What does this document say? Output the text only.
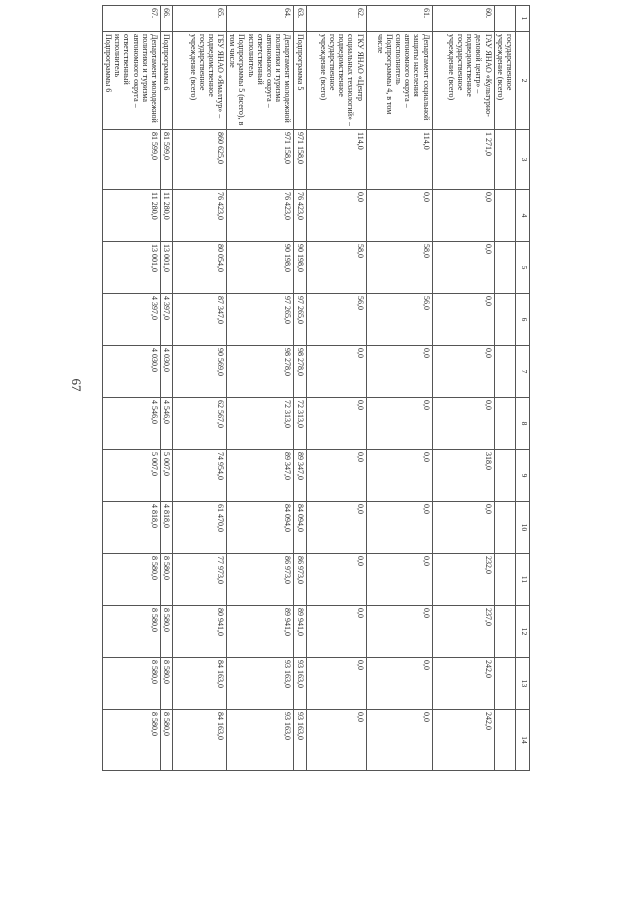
67
1	2	3	4	5	6	7	8	9	10	11	12	13	14
	государственное учреждение (всего)												
60.	ГАУ ЯНАО «Культурно-деловой центр» – подведомственное государственное учреждение (всего)	1 271,0	0,0	0,0	0,0	0,0	0,0	318,0	0,0	232,0	237,0	242,0	242,0
61.	Департамент социальной защиты населения автономного округа – соисполнитель Подпрограммы 4, в том числе	114,0	0,0	58,0	56,0	0,0	0,0	0,0	0,0	0,0	0,0	0,0	0,0
62.	ГКУ ЯНАО «Центр социальных технологий» – подведомственное государственное учреждение (всего)	114,0	0,0	58,0	56,0	0,0	0,0	0,0	0,0	0,0	0,0	0,0	0,0
63.	Подпрограмма 5	971 158,0	76 423,0	90 198,0	97 265,0	98 278,0	72 313,0	89 347,0	84 094,0	86 973,0	89 941,0	93 163,0	93 163,0
64.	Департамент молодежной политики и туризма автономного округа – ответственный исполнитель Подпрограммы 5 (всего), в том числе	971 158,0	76 423,0	90 198,0	97 265,0	98 278,0	72 313,0	89 347,0	84 094,0	86 973,0	89 941,0	93 163,0	93 163,0
65.	ГБУ ЯНАО «Ямалтур» – подведомственное государственное учреждение (всего)	860 625,0	76 423,0	80 054,0	87 347,0	90 569,0	62 567,0	74 954,0	61 470,0	77 973,0	80 941,0	84 163,0	84 163,0
66.	Подпрограмма 6	81 599,0	11 280,0	13 001,0	4 397,0	4 030,0	4 546,0	5 007,0	4 818,0	8 580,0	8 580,0	8 580,0	8 580,0
67.	Департамент молодежной политики и туризма автономного округа – ответственный исполнитель Подпрограммы 6	81 599,0	11 280,0	13 001,0	4 397,0	4 030,0	4 546,0	5 007,0	4 818,0	8 580,0	8 580,0	8 580,0	8 580,0
